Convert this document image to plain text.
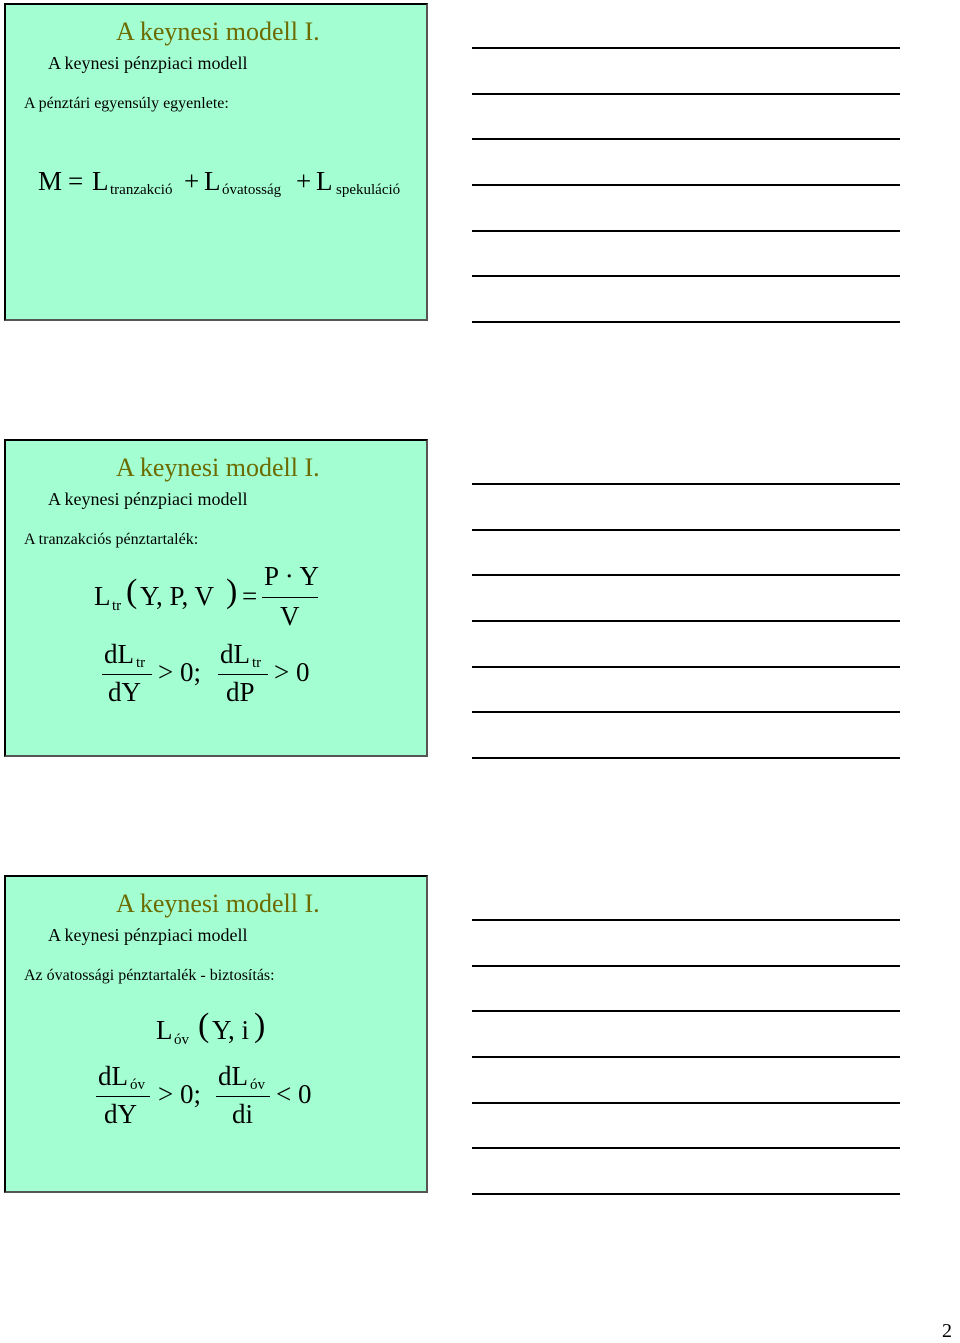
A keynesi modell I.
A keynesi pénzpiaci modell
A pénztári egyensúly egyenlete:
M = L tranzakció + L óvatosság + L spekuláció
A keynesi modell I.
A keynesi pénzpiaci modell
A tranzakciós pénztartalék:
L tr ( Y, P, V ) =
P · Y
V
dL tr
dY
> 0;
dL tr
dP
> 0
A keynesi modell I.
A keynesi pénzpiaci modell
Az óvatossági pénztartalék - biztosítás:
L óv ( Y, i )
dL óv
dY
> 0;
dL óv
di
< 0
2
